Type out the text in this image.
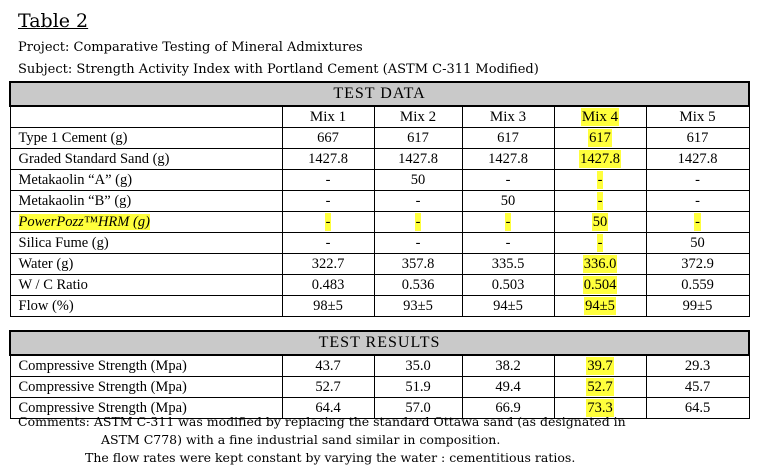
Table 2
Project: Comparative Testing of Mineral Admixtures
Subject: Strength Activity Index with Portland Cement (ASTM C-311 Modified)
TEST DATA					
	Mix 1	Mix 2	Mix 3	Mix 4	Mix 5
Type 1 Cement (g)	667	617	617	617	617
Graded Standard Sand (g)	1427.8	1427.8	1427.8	1427.8	1427.8
Metakaolin “A” (g)	-	50	-	-	-
Metakaolin “B” (g)	-	-	50	-	-
PowerPozz™HRM (g)	-	-	-	50	-
Silica Fume (g)	-	-	-	-	50
Water (g)	322.7	357.8	335.5	336.0	372.9
W / C Ratio	0.483	0.536	0.503	0.504	0.559
Flow (%)	98±5	93±5	94±5	94±5	99±5
TEST RESULTS					
Compressive Strength (Mpa)	43.7	35.0	38.2	39.7	29.3
Compressive Strength (Mpa)	52.7	51.9	49.4	52.7	45.7
Compressive Strength (Mpa)	64.4	57.0	66.9	73.3	64.5
Comments: ASTM C-311 was modified by replacing the standard Ottawa sand (as designated in
ASTM C778) with a fine industrial sand similar in composition.
The flow rates were kept constant by varying the water : cementitious ratios.
